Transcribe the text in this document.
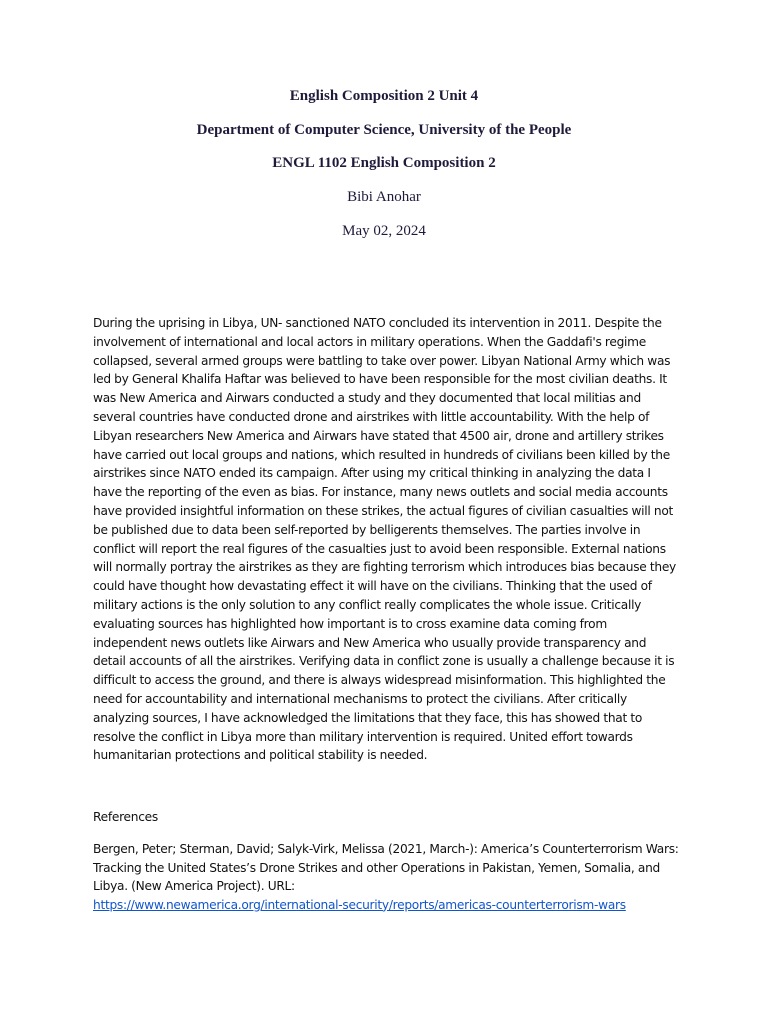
English Composition 2 Unit 4
Department of Computer Science, University of the People
ENGL 1102 English Composition 2
Bibi Anohar
May 02, 2024
During the uprising in Libya, UN- sanctioned NATO concluded its intervention in 2011. Despite the involvement of international and local actors in military operations. When the Gaddafi's regime collapsed, several armed groups were battling to take over power. Libyan National Army which was led by General Khalifa Haftar was believed to have been responsible for the most civilian deaths. It was New America and Airwars conducted a study and they documented that local militias and several countries have conducted drone and airstrikes with little accountability. With the help of Libyan researchers New America and Airwars have stated that 4500 air, drone and artillery strikes have carried out local groups and nations, which resulted in hundreds of civilians been killed by the airstrikes since NATO ended its campaign. After using my critical thinking in analyzing the data I have the reporting of the even as bias. For instance, many news outlets and social media accounts have provided insightful information on these strikes, the actual figures of civilian casualties will not be published due to data been self-reported by belligerents themselves. The parties involve in conflict will report the real figures of the casualties just to avoid been responsible. External nations will normally portray the airstrikes as they are fighting terrorism which introduces bias because they could have thought how devastating effect it will have on the civilians. Thinking that the used of military actions is the only solution to any conflict really complicates the whole issue. Critically evaluating sources has highlighted how important is to cross examine data coming from independent news outlets like Airwars and New America who usually provide transparency and detail accounts of all the airstrikes. Verifying data in conflict zone is usually a challenge because it is difficult to access the ground, and there is always widespread misinformation. This highlighted the need for accountability and international mechanisms to protect the civilians. After critically analyzing sources, I have acknowledged the limitations that they face, this has showed that to resolve the conflict in Libya more than military intervention is required. United effort towards humanitarian protections and political stability is needed.
References
Bergen, Peter; Sterman, David; Salyk-Virk, Melissa (2021, March-): America’s Counterterrorism Wars: Tracking the United States’s Drone Strikes and other Operations in Pakistan, Yemen, Somalia, and Libya. (New America Project). URL: https://www.newamerica.org/international-security/reports/americas-counterterrorism-wars
